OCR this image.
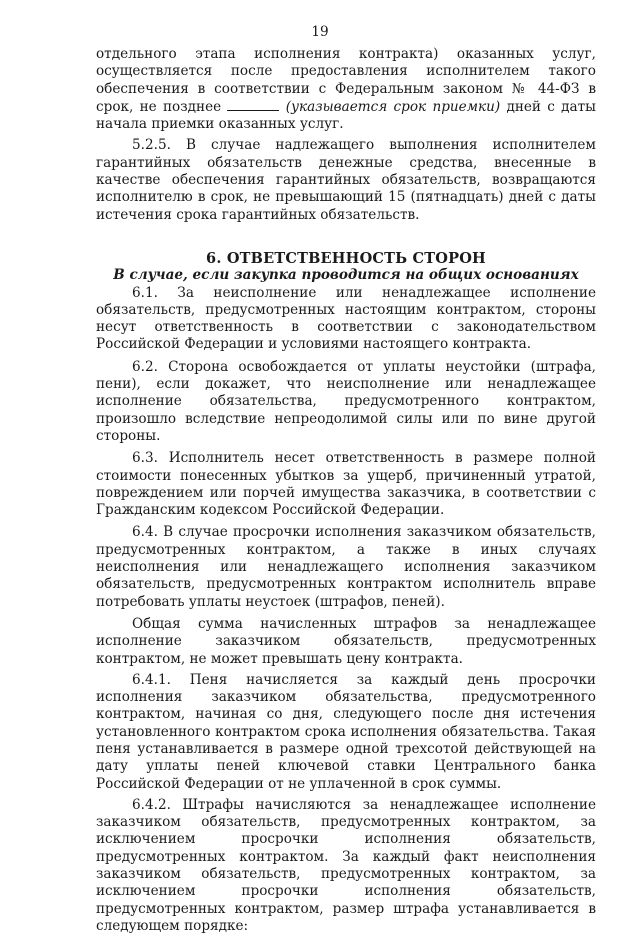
19

отдельного этапа исполнения контракта) оказанных услуг, осуществляется после предоставления исполнителем такого обеспечения в соответствии с Федеральным законом № 44-ФЗ в срок, не позднее	(указывается срок приемки) дней с даты начала приемки оказанных услуг.

5.2.5. В случае надлежащего выполнения исполнителем гарантийных обязательств денежные средства, внесенные в качестве обеспечения гарантийных обязательств, возвращаются исполнителю в срок, не превышающий 15 (пятнадцать) дней с даты истечения срока гарантийных обязательств.

6. ОТВЕТСТВЕННОСТЬ СТОРОН

В случае, если закупка проводится на общих основаниях

6.1. За неисполнение или ненадлежащее исполнение обязательств, предусмотренных настоящим контрактом, стороны несут ответственность в соответствии с законодательством Российской Федерации и условиями настоящего контракта.

6.2. Сторона освобождается от уплаты неустойки (штрафа, пени), если докажет, что неисполнение или ненадлежащее исполнение обязательства, предусмотренного контрактом, произошло вследствие непреодолимой силы или по вине другой стороны.

6.3. Исполнитель несет ответственность в размере полной стоимости понесенных убытков за ущерб, причиненный утратой, повреждением или порчей имущества заказчика, в соответствии с Гражданским кодексом Российской Федерации.

6.4. В случае просрочки исполнения заказчиком обязательств, предусмотренных контрактом, а также в иных случаях неисполнения или ненадлежащего исполнения заказчиком обязательств, предусмотренных контрактом исполнитель вправе потребовать уплаты неустоек (штрафов, пеней).

Общая сумма начисленных штрафов за ненадлежащее исполнение заказчиком обязательств, предусмотренных контрактом, не может превышать цену контракта.

6.4.1. Пеня начисляется за каждый день просрочки исполнения заказчиком обязательства, предусмотренного контрактом, начиная со дня, следующего после дня истечения установленного контрактом срока исполнения обязательства. Такая пеня устанавливается в размере одной трехсотой действующей на дату уплаты пеней ключевой ставки Центрального банка Российской Федерации от не уплаченной в срок суммы.

6.4.2. Штрафы начисляются за ненадлежащее исполнение заказчиком обязательств, предусмотренных контрактом, за исключением просрочки исполнения обязательств, предусмотренных контрактом. За каждый факт неисполнения заказчиком обязательств, предусмотренных контрактом, за исключением просрочки исполнения обязательств, предусмотренных контрактом, размер штрафа устанавливается в следующем порядке:
